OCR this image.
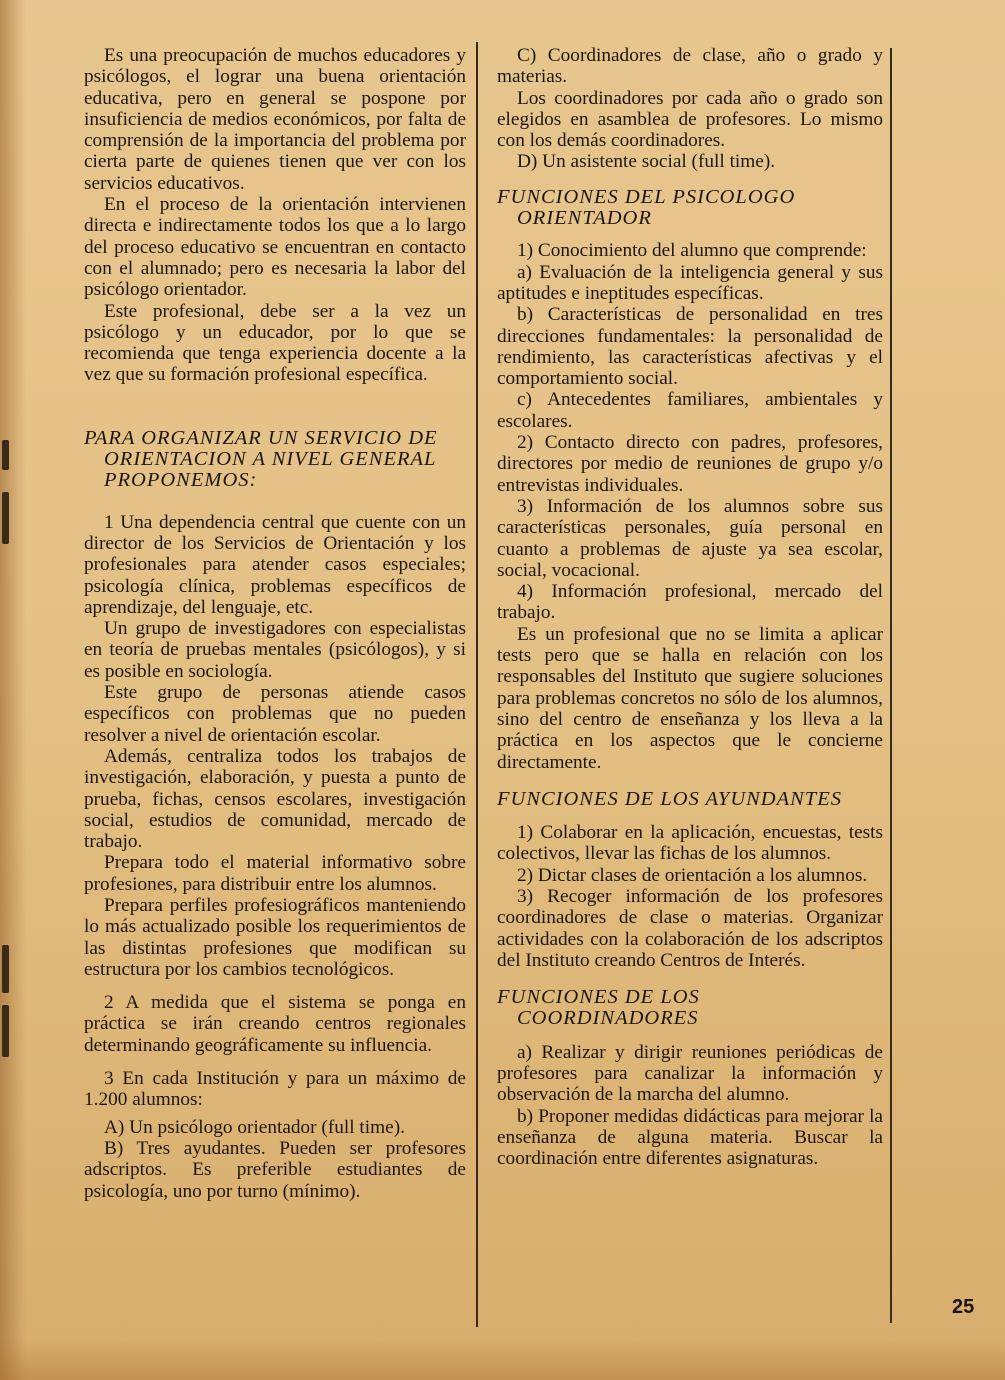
Es una preocupación de muchos educadores y psicólogos, el lograr una buena orientación educativa, pero en general se pospone por insuficiencia de medios económicos, por falta de comprensión de la importancia del problema por cierta parte de quienes tienen que ver con los servicios educativos.

En el proceso de la orientación intervienen directa e indirectamente todos los que a lo largo del proceso educativo se encuentran en contacto con el alumnado; pero es necesaria la labor del psicólogo orientador.

Este profesional, debe ser a la vez un psicólogo y un educador, por lo que se recomienda que tenga experiencia docente a la vez que su formación profesional específica.

PARA ORGANIZAR UN SERVICIO DE
ORIENTACION A NIVEL GENERAL
PROPONEMOS:

1 Una dependencia central que cuente con un director de los Servicios de Orientación y los profesionales para atender casos especiales; psicología clínica, problemas específicos de aprendizaje, del lenguaje, etc.

Un grupo de investigadores con especialistas en teoría de pruebas mentales (psicólogos), y si es posible en sociología.

Este grupo de personas atiende casos específicos con problemas que no pueden resolver a nivel de orientación escolar.

Además, centraliza todos los trabajos de investigación, elaboración, y puesta a punto de prueba, fichas, censos escolares, investigación social, estudios de comunidad, mercado de trabajo.

Prepara todo el material informativo sobre profesiones, para distribuir entre los alumnos.

Prepara perfiles profesiográficos manteniendo lo más actualizado posible los requerimientos de las distintas profesiones que modifican su estructura por los cambios tecnológicos.

2 A medida que el sistema se ponga en práctica se irán creando centros regionales determinando geográficamente su influencia.

3 En cada Institución y para un máximo de 1.200 alumnos:

A) Un psicólogo orientador (full time).

B) Tres ayudantes. Pueden ser profesores adscriptos. Es preferible estudiantes de psicología, uno por turno (mínimo).

C) Coordinadores de clase, año o grado y materias.

Los coordinadores por cada año o grado son elegidos en asamblea de profesores. Lo mismo con los demás coordinadores.

D) Un asistente social (full time).

FUNCIONES DEL PSICOLOGO
ORIENTADOR

1) Conocimiento del alumno que comprende:

a) Evaluación de la inteligencia general y sus aptitudes e ineptitudes específicas.

b) Características de personalidad en tres direcciones fundamentales: la personalidad de rendimiento, las características afectivas y el comportamiento social.

c) Antecedentes familiares, ambientales y escolares.

2) Contacto directo con padres, profesores, directores por medio de reuniones de grupo y/o entrevistas individuales.

3) Información de los alumnos sobre sus características personales, guía personal en cuanto a problemas de ajuste ya sea escolar, social, vocacional.

4) Información profesional, mercado del trabajo.

Es un profesional que no se limita a aplicar tests pero que se halla en relación con los responsables del Instituto que sugiere soluciones para problemas concretos no sólo de los alumnos, sino del centro de enseñanza y los lleva a la práctica en los aspectos que le concierne directamente.

FUNCIONES DE LOS AYUNDANTES

1) Colaborar en la aplicación, encuestas, tests colectivos, llevar las fichas de los alumnos.

2) Dictar clases de orientación a los alumnos.

3) Recoger información de los profesores coordinadores de clase o materias. Organizar actividades con la colaboración de los adscriptos del Instituto creando Centros de Interés.

FUNCIONES DE LOS
COORDINADORES

a) Realizar y dirigir reuniones periódicas de profesores para canalizar la información y observación de la marcha del alumno.

b) Proponer medidas didácticas para mejorar la enseñanza de alguna materia. Buscar la coordinación entre diferentes asignaturas.

25
